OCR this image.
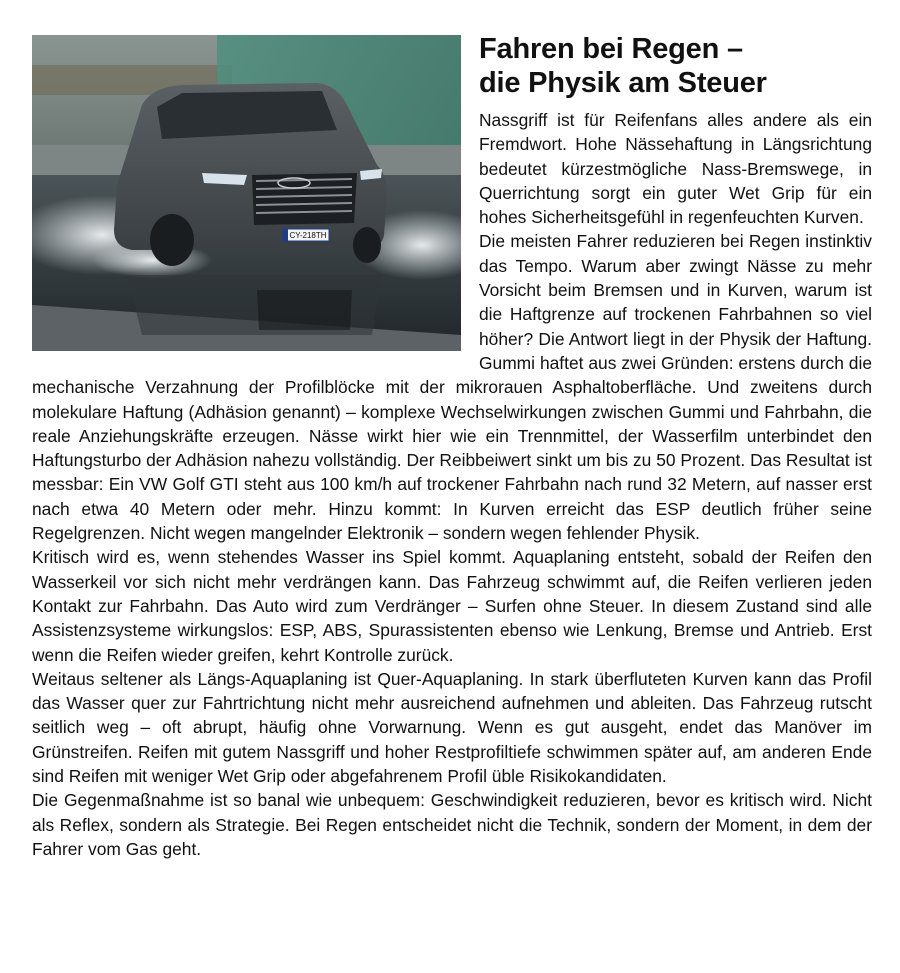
CY-218TH
Fahren bei Regen –
die Physik am Steuer

Nassgriff ist für Reifenfans alles andere als ein Fremdwort. Hohe Nässehaftung in Längsrichtung bedeutet kürzestmögliche Nass-Bremswege, in Querrichtung sorgt ein guter Wet Grip für ein hohes Sicherheitsgefühl in regenfeuchten Kurven.

Die meisten Fahrer reduzieren bei Regen instinktiv das Tempo. Warum aber zwingt Nässe zu mehr Vorsicht beim Bremsen und in Kurven, warum ist die Haftgrenze auf trockenen Fahrbahnen so viel höher? Die Antwort liegt in der Physik der Haftung. Gummi haftet aus zwei Gründen: erstens durch die mechanische Verzahnung der Profilblöcke mit der mikrorauen Asphaltoberfläche. Und zweitens durch molekulare Haftung (Adhäsion genannt) – komplexe Wechselwirkungen zwischen Gummi und Fahrbahn, die reale Anziehungskräfte erzeugen. Nässe wirkt hier wie ein Trennmittel, der Wasserfilm unterbindet den Haftungsturbo der Adhäsion nahezu vollständig. Der Reibbeiwert sinkt um bis zu 50 Prozent. Das Resultat ist messbar: Ein VW Golf GTI steht aus 100 km/h auf trockener Fahrbahn nach rund 32 Metern, auf nasser erst nach etwa 40 Metern oder mehr. Hinzu kommt: In Kurven erreicht das ESP deutlich früher seine Regelgrenzen. Nicht wegen mangelnder Elektronik – sondern wegen fehlender Physik.

Kritisch wird es, wenn stehendes Wasser ins Spiel kommt. Aquaplaning entsteht, sobald der Reifen den Wasserkeil vor sich nicht mehr verdrängen kann. Das Fahrzeug schwimmt auf, die Reifen verlieren jeden Kontakt zur Fahrbahn. Das Auto wird zum Verdränger – Surfen ohne Steuer. In diesem Zustand sind alle Assistenzsysteme wirkungslos: ESP, ABS, Spurassistenten ebenso wie Lenkung, Bremse und Antrieb. Erst wenn die Reifen wieder greifen, kehrt Kontrolle zurück.

Weitaus seltener als Längs-Aquaplaning ist Quer-Aquaplaning. In stark überfluteten Kurven kann das Profil das Wasser quer zur Fahrtrichtung nicht mehr ausreichend aufnehmen und ableiten. Das Fahrzeug rutscht seitlich weg – oft abrupt, häufig ohne Vorwarnung. Wenn es gut ausgeht, endet das Manöver im Grünstreifen. Reifen mit gutem Nassgriff und hoher Restprofiltiefe schwimmen später auf, am anderen Ende sind Reifen mit weniger Wet Grip oder abgefahrenem Profil üble Risikokandidaten.

Die Gegenmaßnahme ist so banal wie unbequem: Geschwindigkeit reduzieren, bevor es kritisch wird. Nicht als Reflex, sondern als Strategie. Bei Regen entscheidet nicht die Technik, sondern der Moment, in dem der Fahrer vom Gas geht.
